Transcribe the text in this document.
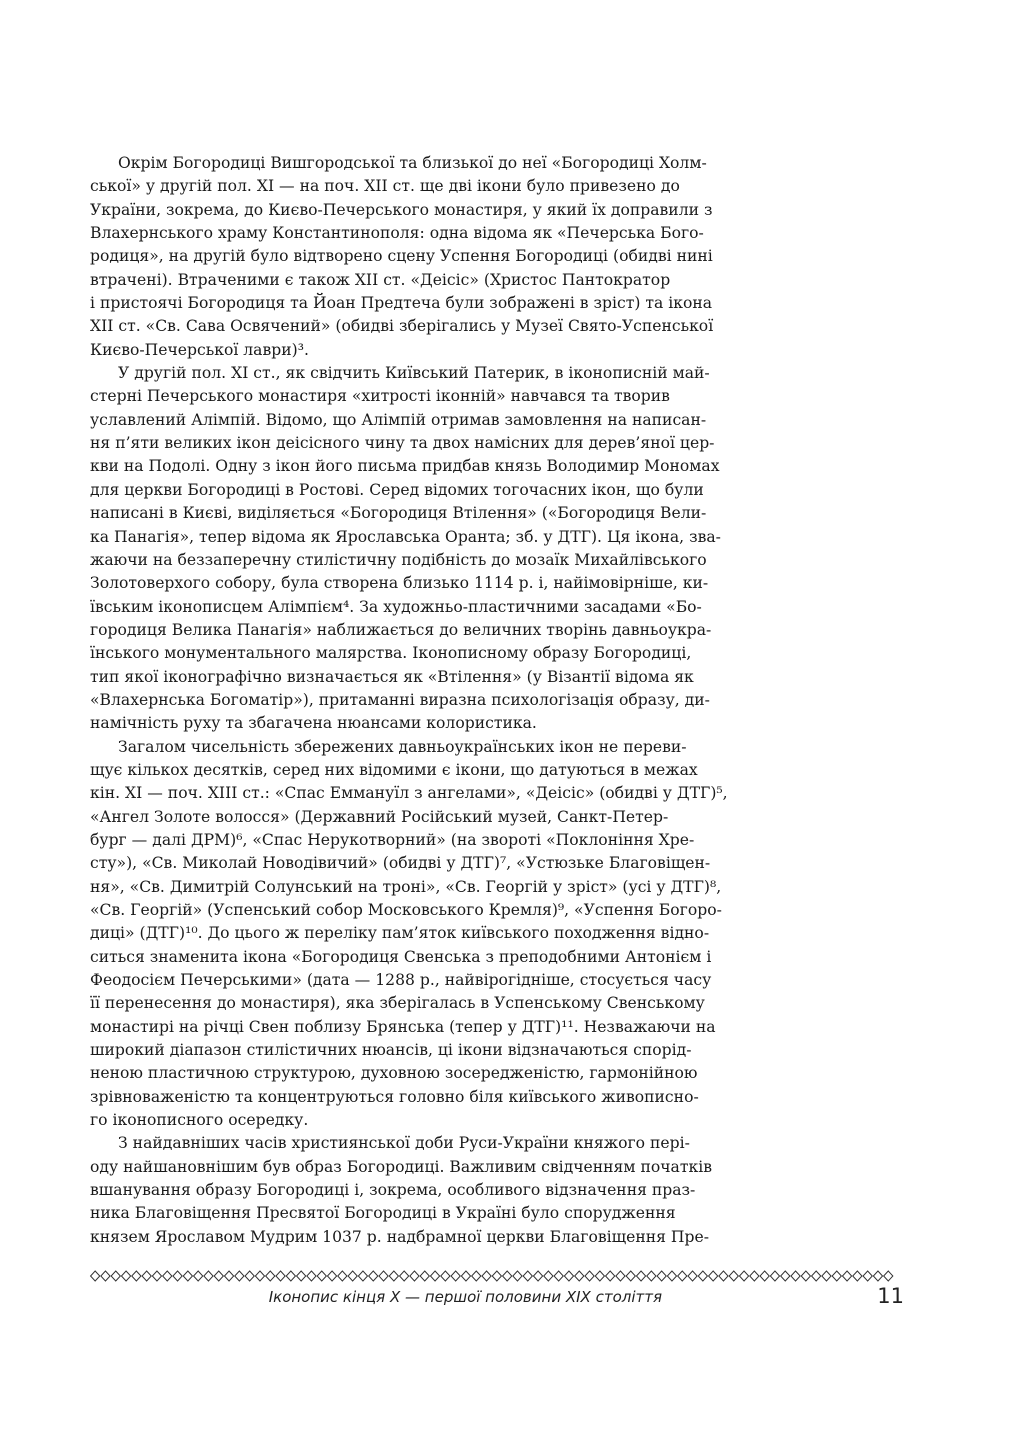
Окрім Богородиці Вишгородської та близької до неї «Богородиці Холм-
ської» у другій пол. XI — на поч. XII ст. ще дві ікони було привезено до
України, зокрема, до Києво-Печерського монастиря, у який їх доправили з
Влахернського храму Константинополя: одна відома як «Печерська Бого-
родиця», на другій було відтворено сцену Успення Богородиці (обидві нині
втрачені). Втраченими є також XII ст. «Деісіс» (Христос Пантократор
і пристоячі Богородиця та Йоан Предтеча були зображені в зріст) та ікона
XII ст. «Св. Сава Освячений» (обидві зберігались у Музеї Свято-Успенської
Києво-Печерської лаври)³.
У другій пол. XI ст., як свідчить Київський Патерик, в іконописній май-
стерні Печерського монастиря «хитрості іконній» навчався та творив
уславлений Алімпій. Відомо, що Алімпій отримав замовлення на написан-
ня п’яти великих ікон деісісного чину та двох намісних для дерев’яної цер-
кви на Подолі. Одну з ікон його письма придбав князь Володимир Мономах
для церкви Богородиці в Ростові. Серед відомих тогочасних ікон, що були
написані в Києві, виділяється «Богородиця Втілення» («Богородиця Вели-
ка Панагія», тепер відома як Ярославська Оранта; зб. у ДТГ). Ця ікона, зва-
жаючи на беззаперечну стилістичну подібність до мозаїк Михайлівського
Золотоверхого собору, була створена близько 1114 р. і, найімовірніше, ки-
ївським іконописцем Алімпієм⁴. За художньо-пластичними засадами «Бо-
городиця Велика Панагія» наближається до величних творінь давньоукра-
їнського монументального малярства. Іконописному образу Богородиці,
тип якої іконографічно визначається як «Втілення» (у Візантії відома як
«Влахернська Богоматір»), притаманні виразна психологізація образу, ди-
намічність руху та збагачена нюансами колористика.
Загалом чисельність збережених давньоукраїнських ікон не переви-
щує кількох десятків, серед них відомими є ікони, що датуються в межах
кін. XI — поч. XIII ст.: «Спас Еммануїл з ангелами», «Деісіс» (обидві у ДТГ)⁵,
«Ангел Золоте волосся» (Державний Російський музей, Санкт-Петер-
бург — далі ДРМ)⁶, «Спас Нерукотворний» (на звороті «Поклоніння Хре-
сту»), «Св. Миколай Новодівичий» (обидві у ДТГ)⁷, «Устюзьке Благовіщен-
ня», «Св. Димитрій Солунський на троні», «Св. Георгій у зріст» (усі у ДТГ)⁸,
«Св. Георгій» (Успенський собор Московського Кремля)⁹, «Успення Богоро-
диці» (ДТГ)¹⁰. До цього ж переліку пам’яток київського походження відно-
ситься знаменита ікона «Богородиця Свенська з преподобними Антонієм і
Феодосієм Печерськими» (дата — 1288 р., найвірогідніше, стосується часу
її перенесення до монастиря), яка зберігалась в Успенському Свенському
монастирі на річці Свен поблизу Брянська (тепер у ДТГ)¹¹. Незважаючи на
широкий діапазон стилістичних нюансів, ці ікони відзначаються спорід-
неною пластичною структурою, духовною зосередженістю, гармонійною
зрівноваженістю та концентруються головно біля київського живописно-
го іконописного осередку.
З найдавніших часів християнської доби Руси-України княжого пері-
оду найшановнішим був образ Богородиці. Важливим свідченням початків
вшанування образу Богородиці і, зокрема, особливого відзначення праз-
ника Благовіщення Пресвятої Богородиці в Україні було спорудження
князем Ярославом Мудрим 1037 р. надбрамної церкви Благовіщення Пре-
Іконопис кінця X — першої половини XIX століття	11
